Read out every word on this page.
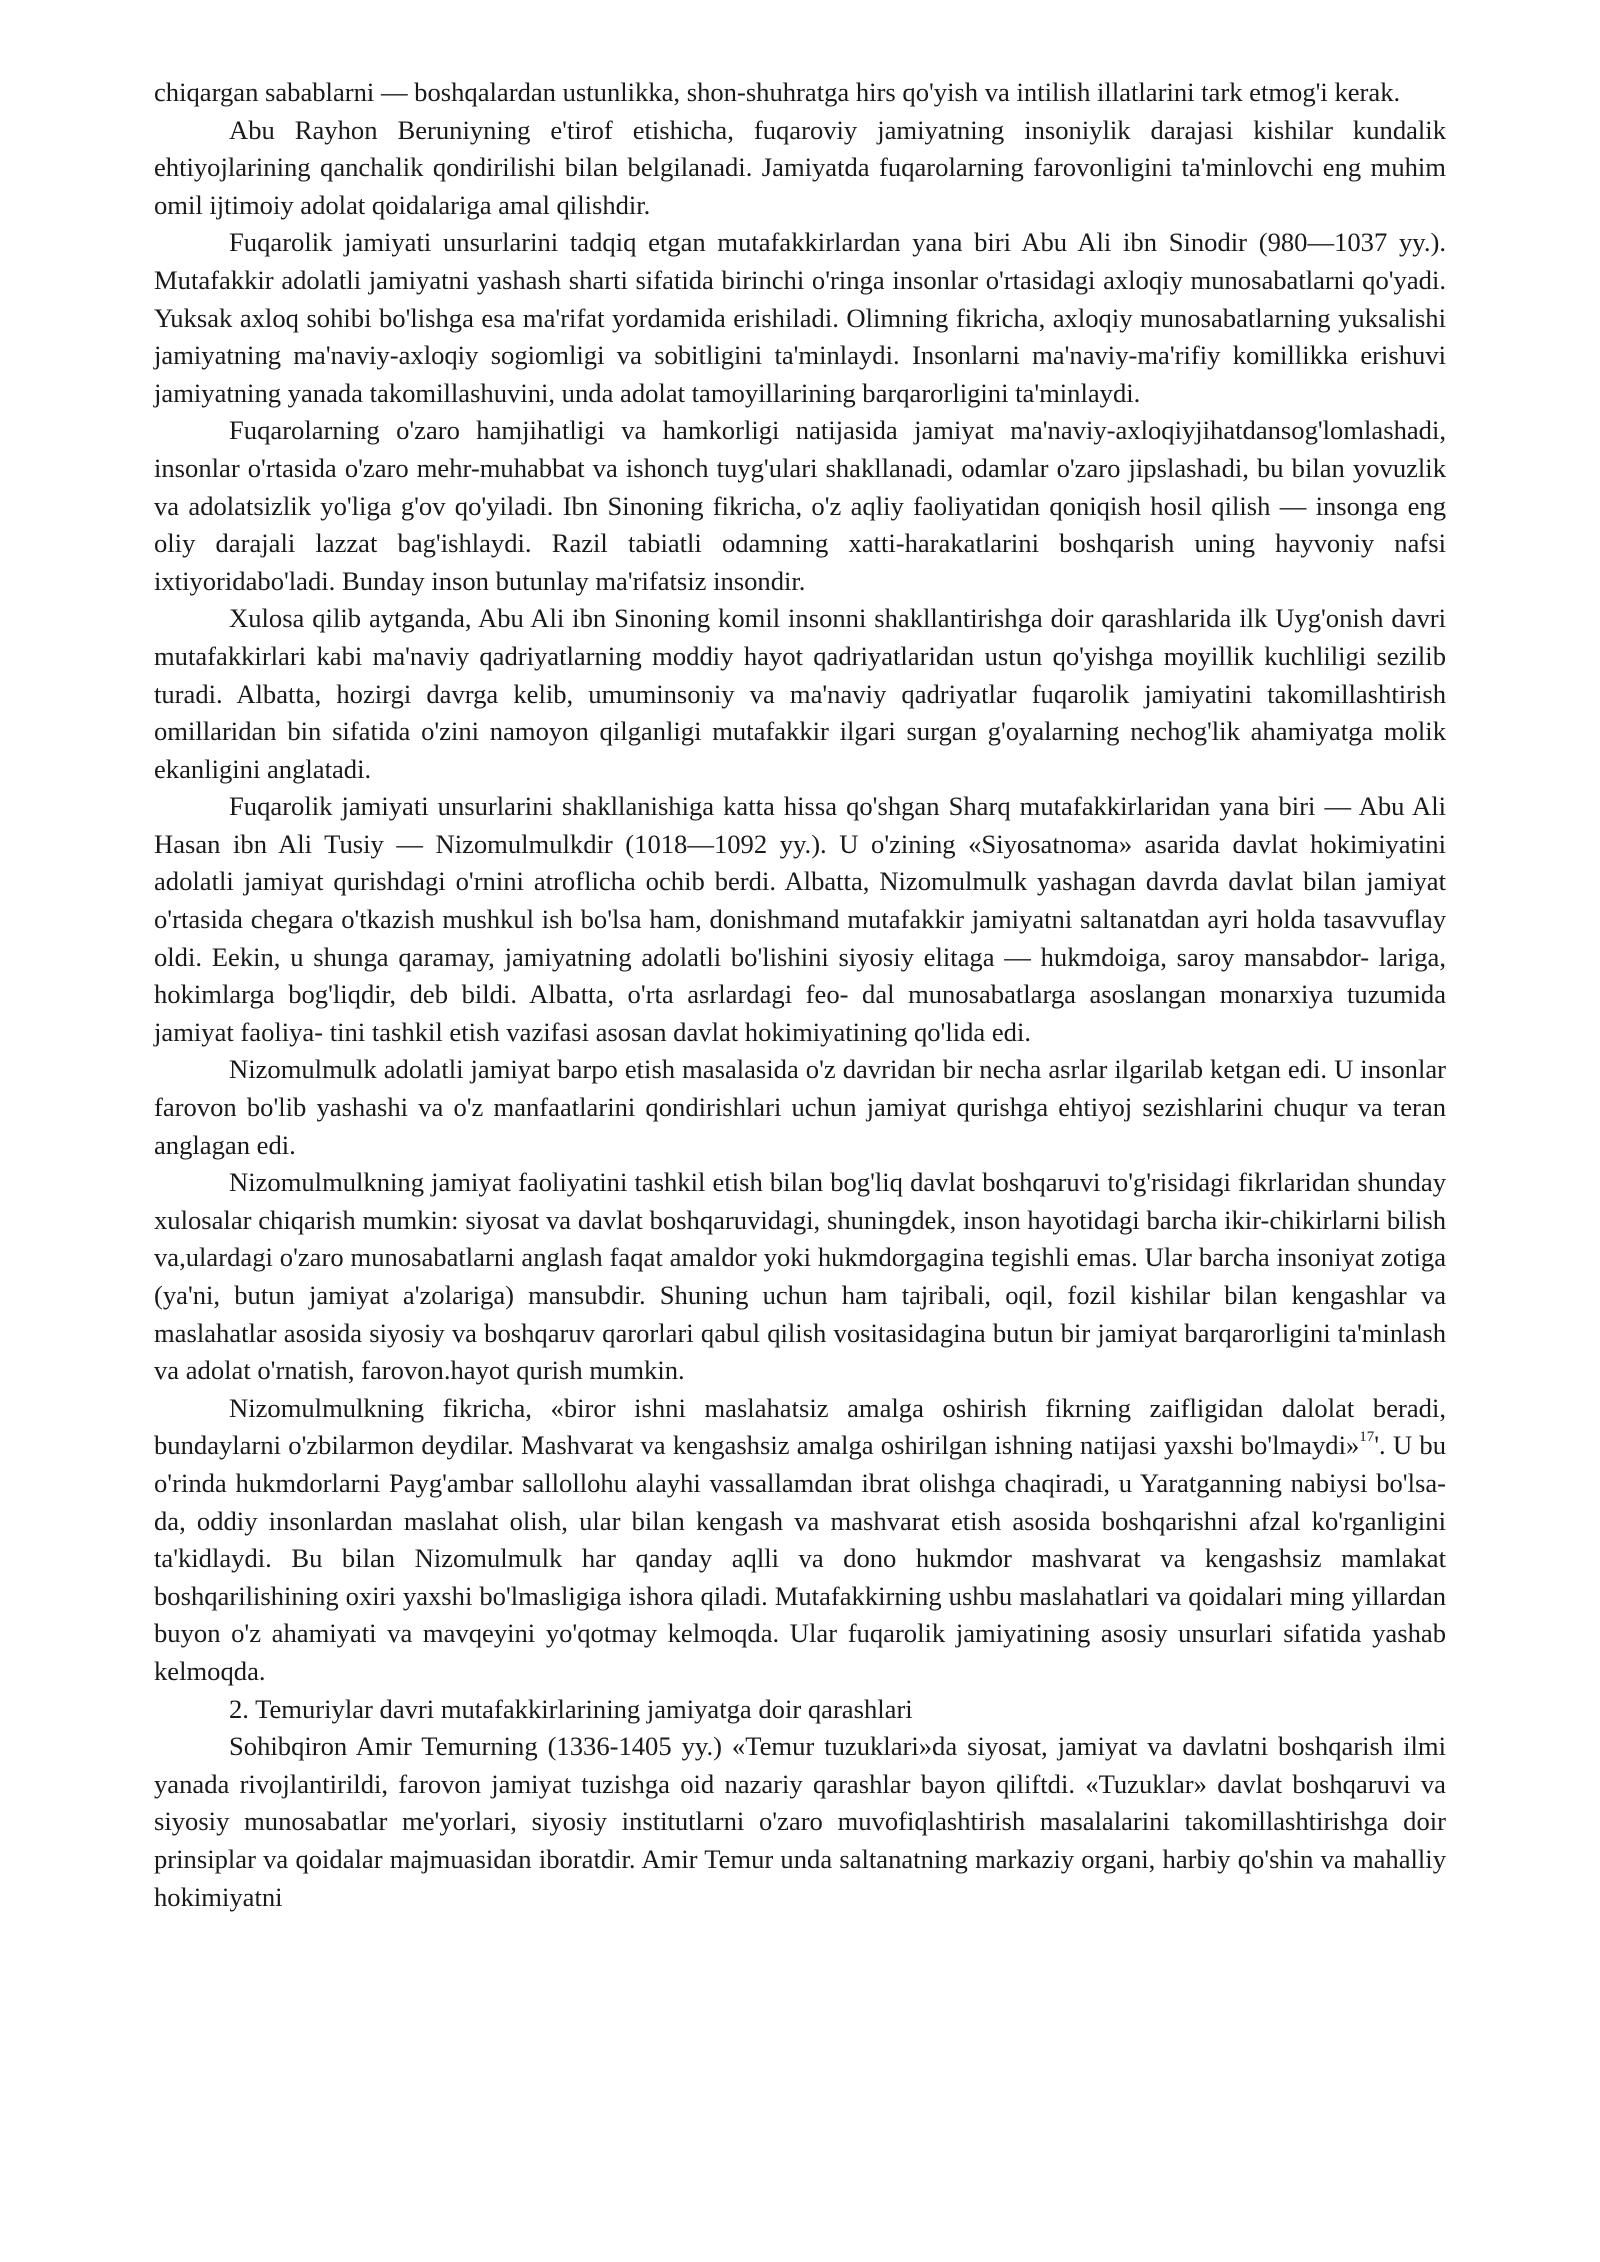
chiqargan sabablarni — boshqalardan ustunlikka, shon-shuhratga hirs qo'yish va intilish illatlarini tark etmog'i kerak.

Abu Rayhon Beruniyning e'tirof etishicha, fuqaroviy jamiyatning insoniylik darajasi kishilar kundalik ehtiyojlarining qanchalik qondirilishi bilan belgilanadi. Jamiyatda fuqarolarning farovonligini ta'minlovchi eng muhim omil ijtimoiy adolat qoidalariga amal qilishdir.

Fuqarolik jamiyati unsurlarini tadqiq etgan mutafakkirlardan yana biri Abu Ali ibn Sinodir (980—1037 yy.). Mutafakkir adolatli jamiyatni yashash sharti sifatida birinchi o'ringa insonlar o'rtasidagi axloqiy munosabatlarni qo'yadi. Yuksak axloq sohibi bo'lishga esa ma'rifat yordamida erishiladi. Olimning fikricha, axloqiy munosabatlarning yuksalishi jamiyatning ma'naviy-axloqiy sogiomligi va sobitligini ta'minlaydi. Insonlarni ma'naviy-ma'rifiy komillikka erishuvi jamiyatning yanada takomillashuvini, unda adolat tamoyillarining barqarorligini ta'minlaydi.

Fuqarolarning o'zaro hamjihatligi va hamkorligi natijasida jamiyat ma'naviy-axloqiyjihatdansog'lomlashadi, insonlar o'rtasida o'zaro mehr-muhabbat va ishonch tuyg'ulari shakllanadi, odamlar o'zaro jipslashadi, bu bilan yovuzlik va adolatsizlik yo'liga g'ov qo'yiladi. Ibn Sinoning fikricha, o'z aqliy faoliyatidan qoniqish hosil qilish — insonga eng oliy darajali lazzat bag'ishlaydi. Razil tabiatli odamning xatti-harakatlarini boshqarish uning hayvoniy nafsi ixtiyoridabo'ladi. Bunday inson butunlay ma'rifatsiz insondir.

Xulosa qilib aytganda, Abu Ali ibn Sinoning komil insonni shakllantirishga doir qarashlarida ilk Uyg'onish davri mutafakkirlari kabi ma'naviy qadriyatlarning moddiy hayot qadriyatlaridan ustun qo'yishga moyillik kuchliligi sezilib turadi. Albatta, hozirgi davrga kelib, umuminsoniy va ma'naviy qadriyatlar fuqarolik jamiyatini takomillashtirish omillaridan bin sifatida o'zini namoyon qilganligi mutafakkir ilgari surgan g'oyalarning nechog'lik ahamiyatga molik ekanligini anglatadi.

Fuqarolik jamiyati unsurlarini shakllanishiga katta hissa qo'shgan Sharq mutafakkirlaridan yana biri — Abu Ali Hasan ibn Ali Tusiy — Nizomulmulkdir (1018—1092 yy.). U o'zining «Siyosatnoma» asarida davlat hokimiyatini adolatli jamiyat qurishdagi o'rnini atroflicha ochib berdi. Albatta, Nizomulmulk yashagan davrda davlat bilan jamiyat o'rtasida chegara o'tkazish mushkul ish bo'lsa ham, donishmand mutafakkir jamiyatni saltanatdan ayri holda tasavvuflay oldi. Eekin, u shunga qaramay, jamiyatning adolatli bo'lishini siyosiy elitaga — hukmdoiga, saroy mansabdor- lariga, hokimlarga bog'liqdir, deb bildi. Albatta, o'rta asrlardagi feo- dal munosabatlarga asoslangan monarxiya tuzumida jamiyat faoliya- tini tashkil etish vazifasi asosan davlat hokimiyatining qo'lida edi.

Nizomulmulk adolatli jamiyat barpo etish masalasida o'z davridan bir necha asrlar ilgarilab ketgan edi. U insonlar farovon bo'lib yashashi va o'z manfaatlarini qondirishlari uchun jamiyat qurishga ehtiyoj sezishlarini chuqur va teran anglagan edi.

Nizomulmulkning jamiyat faoliyatini tashkil etish bilan bog'liq davlat boshqaruvi to'g'risidagi fikrlaridan shunday xulosalar chiqarish mumkin: siyosat va davlat boshqaruvidagi, shuningdek, inson hayotidagi barcha ikir-chikirlarni bilish va,ulardagi o'zaro munosabatlarni anglash faqat amaldor yoki hukmdorgagina tegishli emas. Ular barcha insoniyat zotiga (ya'ni, butun jamiyat a'zolariga) mansubdir. Shuning uchun ham tajribali, oqil, fozil kishilar bilan kengashlar va maslahatlar asosida siyosiy va boshqaruv qarorlari qabul qilish vositasidagina butun bir jamiyat barqarorligini ta'minlash va adolat o'rnatish, farovon.hayot qurish mumkin.

Nizomulmulkning fikricha, «biror ishni maslahatsiz amalga oshirish fikrning zaifligidan dalolat beradi, bundaylarni o'zbilarmon deydilar. Mashvarat va kengashsiz amalga oshirilgan ishning natijasi yaxshi bo'lmaydi»$^{17}$'. U bu o'rinda hukmdorlarni Payg'ambar sallollohu alayhi vassallamdan ibrat olishga chaqiradi, u Yaratganning nabiysi bo'lsa-da, oddiy insonlardan maslahat olish, ular bilan kengash va mashvarat etish asosida boshqarishni afzal ko'rganligini ta'kidlaydi. Bu bilan Nizomulmulk har qanday aqlli va dono hukmdor mashvarat va kengashsiz mamlakat boshqarilishining oxiri yaxshi bo'lmasligiga ishora qiladi. Mutafakkirning ushbu maslahatlari va qoidalari ming yillardan buyon o'z ahamiyati va mavqeyini yo'qotmay kelmoqda. Ular fuqarolik jamiyatining asosiy unsurlari sifatida yashab kelmoqda.

2. Temuriylar davri mutafakkirlarining jamiyatga doir qarashlari

Sohibqiron Amir Temurning (1336-1405 yy.) «Temur tuzuklari»da siyosat, jamiyat va davlatni boshqarish ilmi yanada rivojlantirildi, farovon jamiyat tuzishga oid nazariy qarashlar bayon qiliftdi. «Tuzuklar» davlat boshqaruvi va siyosiy munosabatlar me'yorlari, siyosiy institutlarni o'zaro muvofiqlashtirish masalalarini takomillashtirishga doir prinsiplar va qoidalar majmuasidan iboratdir. Amir Temur unda saltanatning markaziy organi, harbiy qo'shin va mahalliy hokimiyatni
